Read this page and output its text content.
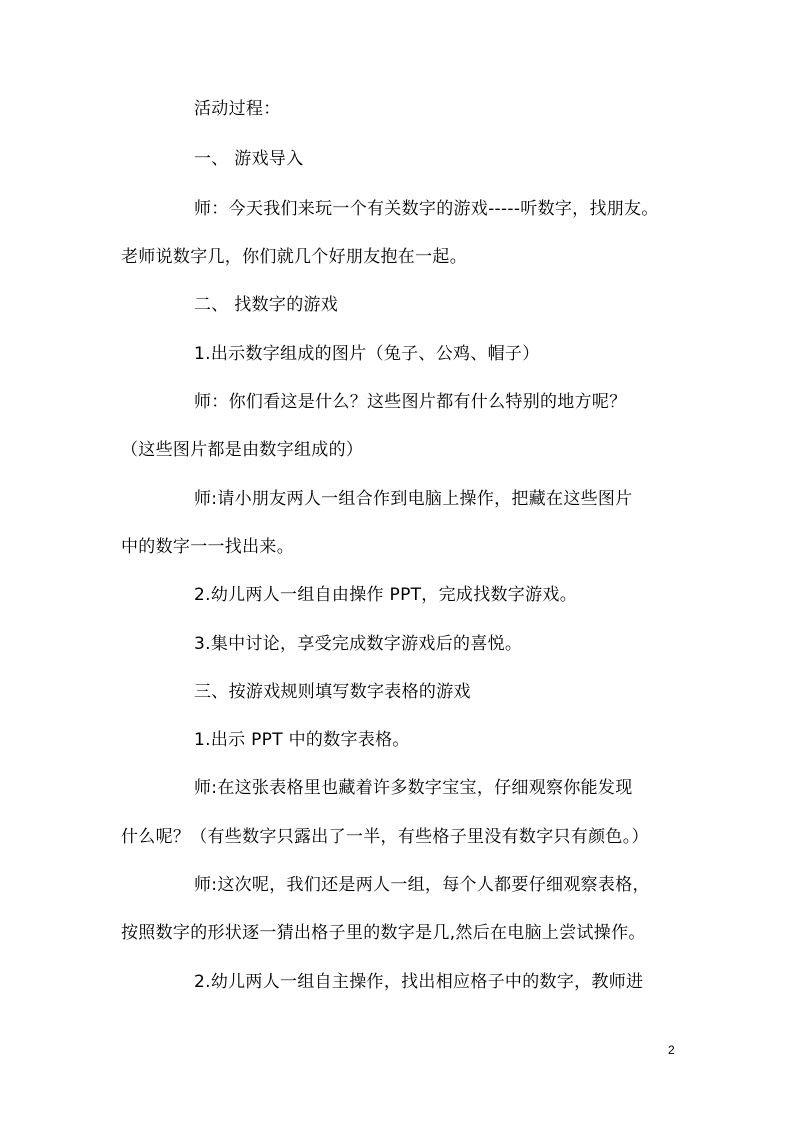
活动过程：
一、 游戏导入
师：今天我们来玩一个有关数字的游戏-----听数字，找朋友。
老师说数字几，你们就几个好朋友抱在一起。
二、 找数字的游戏
1.出示数字组成的图片（兔子、公鸡、帽子）
师：你们看这是什么？这些图片都有什么特别的地方呢？
（这些图片都是由数字组成的）
师:请小朋友两人一组合作到电脑上操作，把藏在这些图片
中的数字一一找出来。
2.幼儿两人一组自由操作 PPT，完成找数字游戏。
3.集中讨论，享受完成数字游戏后的喜悦。
三、按游戏规则填写数字表格的游戏
1.出示 PPT 中的数字表格。
师:在这张表格里也藏着许多数字宝宝，仔细观察你能发现
什么呢？（有些数字只露出了一半，有些格子里没有数字只有颜色。）
师:这次呢，我们还是两人一组，每个人都要仔细观察表格，
按照数字的形状逐一猜出格子里的数字是几,然后在电脑上尝试操作。
2.幼儿两人一组自主操作，找出相应格子中的数字，教师进
2
